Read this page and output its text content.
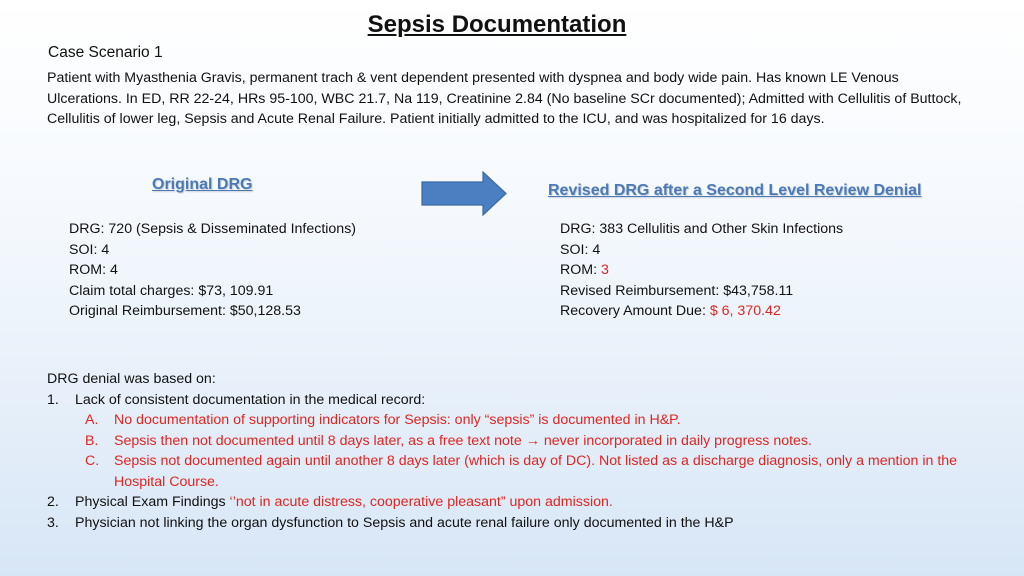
Sepsis Documentation
Case Scenario 1
Patient with Myasthenia Gravis, permanent trach & vent dependent presented with dyspnea and body wide pain. Has known LE Venous Ulcerations. In ED, RR 22-24, HRs 95-100, WBC 21.7, Na 119, Creatinine 2.84 (No baseline SCr documented); Admitted with Cellulitis of Buttock, Cellulitis of lower leg, Sepsis and Acute Renal Failure. Patient initially admitted to the ICU, and was hospitalized for 16 days.
Original DRG	Revised DRG after a Second Level Review Denial
DRG: 720 (Sepsis & Disseminated Infections)
SOI: 4
ROM: 4
Claim total charges: $73, 109.91
Original Reimbursement: $50,128.53
DRG: 383 Cellulitis and Other Skin Infections
SOI: 4
ROM: 3
Revised Reimbursement: $43,758.11
Recovery Amount Due: $ 6, 370.42
DRG denial was based on:
1.	Lack of consistent documentation in the medical record:
A. No documentation of supporting indicators for Sepsis: only “sepsis” is documented in H&P.
B. Sepsis then not documented until 8 days later, as a free text note → never incorporated in daily progress notes.
C. Sepsis not documented again until another 8 days later (which is day of DC). Not listed as a discharge diagnosis, only a mention in the Hospital Course.
2.	Physical Exam Findings ‘’not in acute distress, cooperative pleasant” upon admission.
3.	Physician not linking the organ dysfunction to Sepsis and acute renal failure only documented in the H&P
